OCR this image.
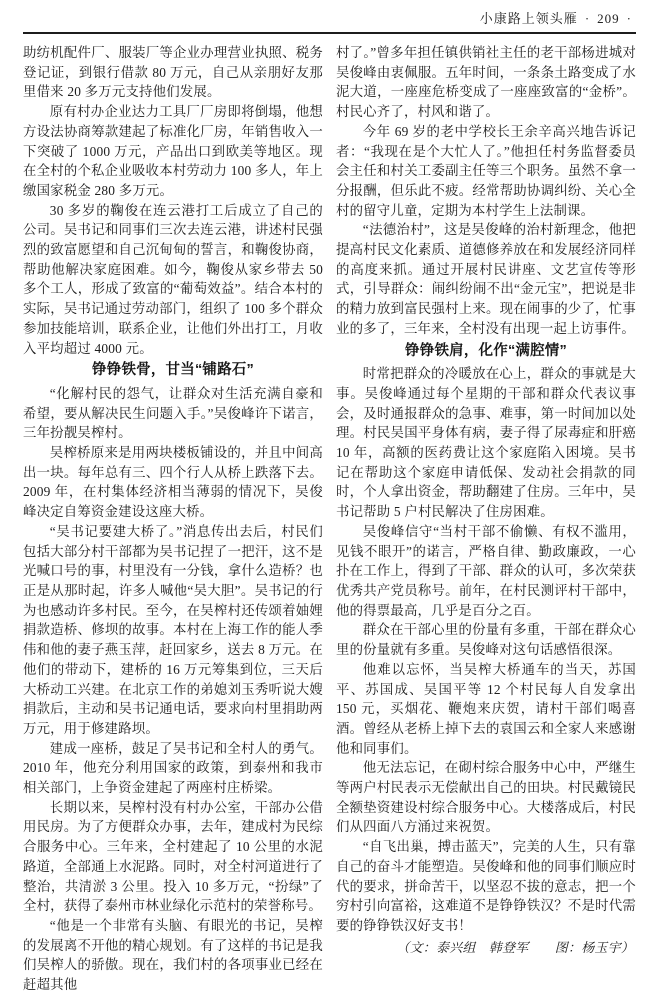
小康路上领头雁 · 209 ·

助纺机配件厂、服装厂等企业办理营业执照、税务登记证，到银行借款 80 万元，自己从亲朋好友那里借来 20 多万元支持他们发展。

原有村办企业达力工具厂厂房即将倒塌，他想方设法协商筹款建起了标准化厂房，年销售收入一下突破了 1000 万元，产品出口到欧美等地区。现在全村的个私企业吸收本村劳动力 100 多人，年上缴国家税金 280 多万元。

30 多岁的鞠俊在连云港打工后成立了自己的公司。吴书记和同事们三次去连云港，讲述村民强烈的致富愿望和自己沉甸甸的誓言，和鞠俊协商，帮助他解决家庭困难。如今，鞠俊从家乡带去 50 多个工人，形成了致富的“葡萄效益”。结合本村的实际，吴书记通过劳动部门，组织了 100 多个群众参加技能培训，联系企业，让他们外出打工，月收入平均超过 4000 元。

铮铮铁骨，甘当“铺路石”

“化解村民的怨气，让群众对生活充满自豪和希望，要从解决民生问题入手。”吴俊峰许下诺言，三年扮靓吴榨村。

吴榨桥原来是用两块楼板铺设的，并且中间高出一块。每年总有三、四个行人从桥上跌落下去。2009 年，在村集体经济相当薄弱的情况下，吴俊峰决定自筹资金建设这座大桥。

“吴书记要建大桥了。”消息传出去后，村民们包括大部分村干部都为吴书记捏了一把汗，这不是光喊口号的事，村里没有一分钱，拿什么造桥？也正是从那时起，许多人喊他“吴大胆”。吴书记的行为也感动许多村民。至今，在吴榨村还传颂着妯娌捐款造桥、修坝的故事。本村在上海工作的能人季伟和他的妻子燕玉萍，赶回家乡，送去 8 万元。在他们的带动下，建桥的 16 万元筹集到位，三天后大桥动工兴建。在北京工作的弟媳刘玉秀听说大嫂捐款后，主动和吴书记通电话，要求向村里捐助两万元，用于修建路坝。

建成一座桥，鼓足了吴书记和全村人的勇气。2010 年，他充分利用国家的政策，到泰州和我市相关部门，上争资金建起了两座村庄桥梁。

长期以来，吴榨村没有村办公室，干部办公借用民房。为了方便群众办事，去年，建成村为民综合服务中心。三年来，全村建起了 10 公里的水泥路道，全部通上水泥路。同时，对全村河道进行了整治，共清淤 3 公里。投入 10 多万元，“扮绿”了全村，获得了泰州市林业绿化示范村的荣誉称号。

“他是一个非常有头脑、有眼光的书记，吴榨的发展离不开他的精心规划。有了这样的书记是我们吴榨人的骄傲。现在，我们村的各项事业已经在赶超其他

村了。”曾多年担任镇供销社主任的老干部杨进城对吴俊峰由衷佩服。五年时间，一条条土路变成了水泥大道，一座座危桥变成了一座座致富的“金桥”。村民心齐了，村风和谐了。

今年 69 岁的老中学校长王余辛高兴地告诉记者：“我现在是个大忙人了。”他担任村务监督委员会主任和村关工委副主任等三个职务。虽然不拿一分报酬，但乐此不疲。经常帮助协调纠纷、关心全村的留守儿童，定期为本村学生上法制课。

“法德治村”，这是吴俊峰的治村新理念，他把提高村民文化素质、道德修养放在和发展经济同样的高度来抓。通过开展村民讲座、文艺宣传等形式，引导群众：闹纠纷闹不出“金元宝”，把说是非的精力放到富民强村上来。现在闹事的少了，忙事业的多了，三年来，全村没有出现一起上访事件。

铮铮铁肩，化作“满腔情”

时常把群众的冷暖放在心上，群众的事就是大事。吴俊峰通过每个星期的干部和群众代表议事会，及时通报群众的急事、难事，第一时间加以处理。村民吴国平身体有病，妻子得了尿毒症和肝癌 10 年，高额的医药费让这个家庭陷入困境。吴书记在帮助这个家庭申请低保、发动社会捐款的同时，个人拿出资金，帮助翻建了住房。三年中，吴书记帮助 5 户村民解决了住房困难。

吴俊峰信守“当村干部不偷懒、有权不滥用，见钱不眼开”的诺言，严格自律、勤政廉政，一心扑在工作上，得到了干部、群众的认可，多次荣获优秀共产党员称号。前年，在村民测评村干部中，他的得票最高，几乎是百分之百。

群众在干部心里的份量有多重，干部在群众心里的份量就有多重。吴俊峰对这句话感悟很深。

他难以忘怀，当吴榨大桥通车的当天，苏国平、苏国成、吴国平等 12 个村民每人自发拿出 150 元，买烟花、鞭炮来庆贺，请村干部们喝喜酒。曾经从老桥上掉下去的袁国云和全家人来感谢他和同事们。

他无法忘记，在砌村综合服务中心中，严继生等两户村民表示无偿献出自己的田块。村民戴镜民全额垫资建设村综合服务中心。大楼落成后，村民们从四面八方涌过来祝贺。

“自飞出巢，搏击蓝天”，完美的人生，只有靠自己的奋斗才能塑造。吴俊峰和他的同事们顺应时代的要求，拼命苦干，以坚忍不拔的意志，把一个穷村引向富裕，这难道不是铮铮铁汉？不是时代需要的铮铮铁汉好支书！

（文：泰兴组　韩登军　　图：杨玉宇）
